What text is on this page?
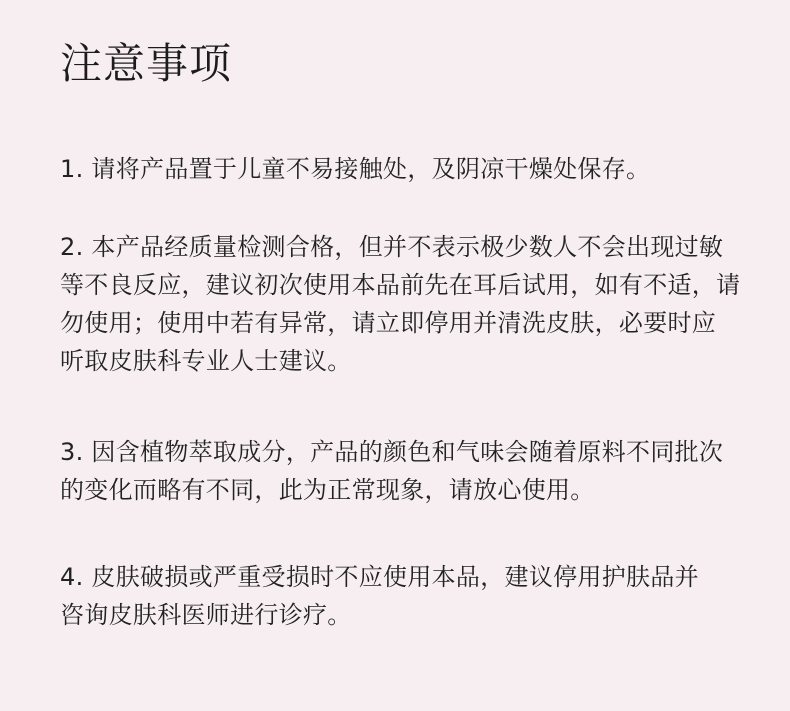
注意事项
1. 请将产品置于儿童不易接触处，及阴凉干燥处保存。
2. 本产品经质量检测合格，但并不表示极少数人不会出现过敏
等不良反应，建议初次使用本品前先在耳后试用，如有不适，请
勿使用；使用中若有异常，请立即停用并清洗皮肤，必要时应
听取皮肤科专业人士建议。
3. 因含植物萃取成分，产品的颜色和气味会随着原料不同批次
的变化而略有不同，此为正常现象，请放心使用。
4. 皮肤破损或严重受损时不应使用本品，建议停用护肤品并
咨询皮肤科医师进行诊疗。
